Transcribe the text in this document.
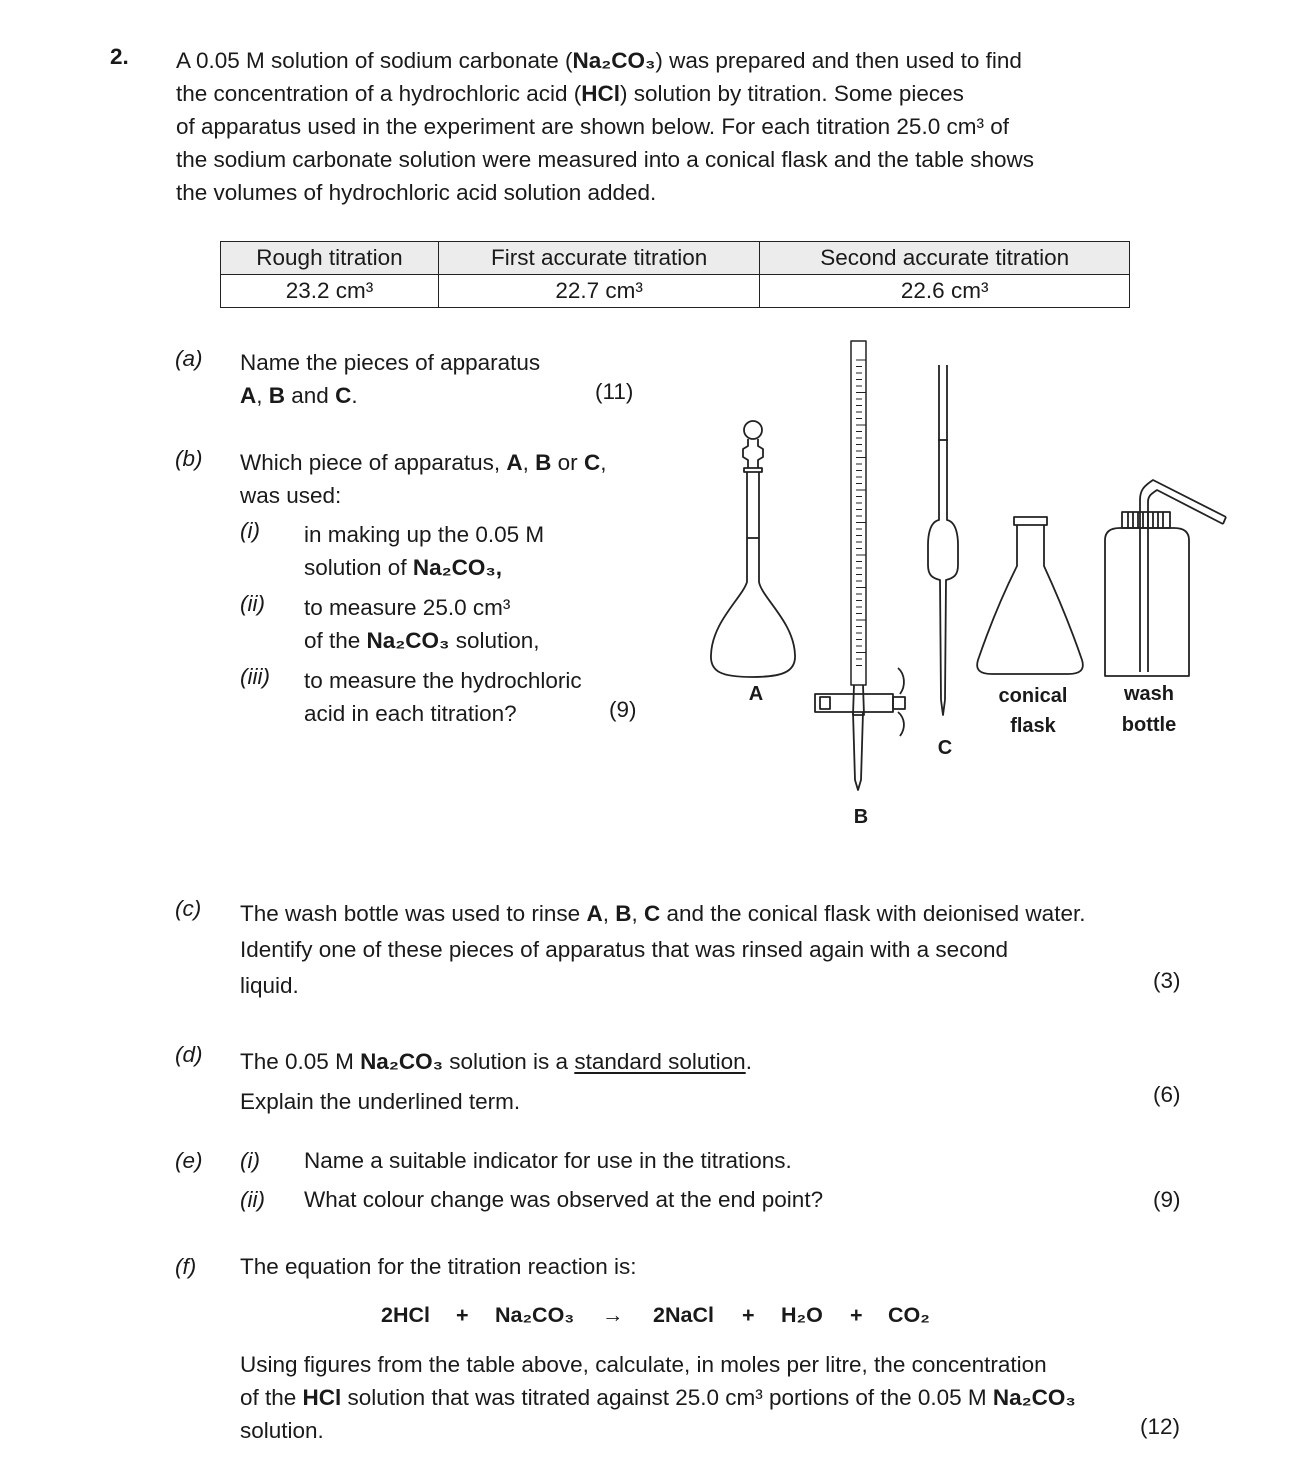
2. A 0.05 M solution of sodium carbonate (Na₂CO₃) was prepared and then used to find
the concentration of a hydrochloric acid (HCl) solution by titration. Some pieces
of apparatus used in the experiment are shown below. For each titration 25.0 cm³ of
the sodium carbonate solution were measured into a conical flask and the table shows
the volumes of hydrochloric acid solution added.
Rough titration	First accurate titration	Second accurate titration
23.2 cm³	22.7 cm³	22.6 cm³
(a) Name the pieces of apparatus
A, B and C.	(11)
(b) Which piece of apparatus, A, B or C,
was used:
(i) in making up the 0.05 M
solution of Na₂CO₃,
(ii) to measure 25.0 cm³
of the Na₂CO₃ solution,
(iii) to measure the hydrochloric
acid in each titration?	(9)
A
B
C
conical
flask
wash
bottle
(c) The wash bottle was used to rinse A, B, C and the conical flask with deionised water.
Identify one of these pieces of apparatus that was rinsed again with a second
liquid.	(3)
(d) The 0.05 M Na₂CO₃ solution is a standard solution.
Explain the underlined term.	(6)
(e) (i) Name a suitable indicator for use in the titrations.
(ii) What colour change was observed at the end point?	(9)
(f) The equation for the titration reaction is:
2HCl + Na₂CO₃ → 2NaCl + H₂O + CO₂
Using figures from the table above, calculate, in moles per litre, the concentration
of the HCl solution that was titrated against 25.0 cm³ portions of the 0.05 M Na₂CO₃
solution.	(12)
